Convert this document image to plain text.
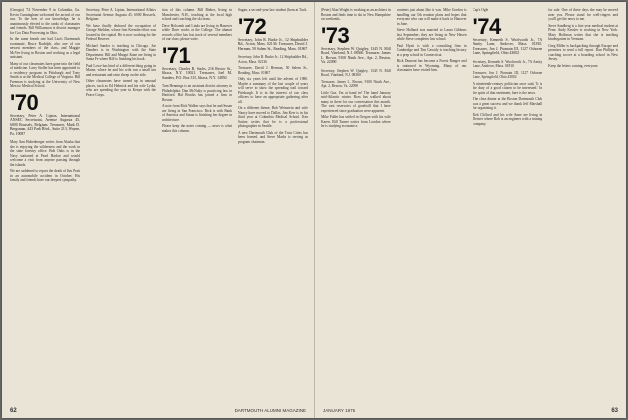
(Georgia) '74 November 9 in Columbia, Ga. Kevin Cunningham welcomed the arrival of our son. To the best of our knowledge, he is unanimously elected to the ranks of classmates and friends. Bill Williamson is district manager for Cox Data Processing in Ohio.

In the same breath one had Lisa's Dartmouth roommate, Bruce Rudolph, also one of our newest members of the class, and Maggie McVee living in Boston and working as a legal assistant.

Many of our classmates have gone into the field of medicine. Larry Stoller has been appointed to a residency program in Pittsburgh and Tony Smith is at the Medical College of Virginia. Bill Freeman is studying at the University of New Mexico Medical School.

'70
Secretary, Peter A. Lipton, International ANSEC Secretariat, Avenue Augusta 45, 6000 Brussels, Belgium. Treasurer, Mark D. Bergsman, 443 Park Blvd., Suite 213, Wayne, Pa. 19087

Mary Ann Hohenberger writes from Alaska that she is enjoying the wilderness and the work in the state forestry office. Bob Oaks is in the Navy stationed at Pearl Harbor and would welcome a visit from anyone passing through the islands.

We are saddened to report the death of Jim Pratt in an automobile accident in October. His family and friends have our deepest sympathy.

Secretary, Peter A. Lipton, International Affairs Secretariat Avenue Augusta 45, 6000 Brussels, Belgium

We have finally deduced the occupation of George Sheldon, whose first Kremlin effort was located in the capital. He is now working for the Federal Reserve.

Michael Sandor is teaching in Chicago. Joe Danders is in Washington with the State Department. Bill and Margot Kane are living in Santa Fe where Bill is finishing his book.

Paul Lowe has kind of a different thing going in Maine, where he and his wife run a small inn and restaurant and raise sheep on the side.

Other classmates have turned up in unusual places, such as Ed Helmick and his wife Lydia, who are spending the year in Kenya with the Peace Corps.

tion of this column. Bill Bieber, living in Manchester, N.H., teaching at the local high school and coaching the ski team.

Dave Holcomb and Linda are living in Hanover while Dave works at the College. The alumni records office has lost track of several members of our class; please write.

'71
Secretary, Charles R. Sachs, 216 Rector St., Ithaca, N.Y. 10021. Treasurer, Joel M. Sanders, P.O. Box 315, Ithaca, N.Y. 14850

Tom Hennings is an assistant district attorney in Philadelphia. Dan McNulty is practicing law in Hartford. Hal Brooks has joined a firm in Boston.

A note from Rick Walker says that he and Susan are living in San Francisco. Rick is with Bank of America and Susan is finishing her degree in architecture.

Please keep the notes coming — news is what makes this column.

Sugan, a second-year law student (born at Tuck.

'72
Secretary, John R. Burke Jr., 12 Shipbuilder Rd., Acton, Mass. 02136. Treasurer, David J. Herman, 50 Salem St., Reading, Mass. 01867

Secretary, John R. Burke Jr., 12 Shipbuilder Rd., Acton, Mass. 02136

Treasurer, David J. Herman, 50 Salem St., Reading, Mass. 01867

Only six years left until the advent of 1980. Maybe a summary of the last couple of years will serve to show the spreading trail toward Pittsburgh. It is in the interest of our class officers to have an appropriate gathering after all.

On a different theme, Bob Weinstein and wife Nancy have moved to Dallas. Jim Kerr is in his third year at Columbia Medical School. Ken Sutton writes that he is a professional photographer in Seattle.

A new Dartmouth Club of the Twin Cities has been formed, and Steve Marks is serving as program chairman.

62	DARTMOUTH ALUMNI MAGAZINE

(Peter) Alan Wright is working as an architect in Boston and finds time to ski in New Hampshire on weekends.

'73
Secretary, Stephen W. Quigley, 1345 N. Mill Road, Vineland, N.J. 08360. Treasurer, James L. Brown, 9100 Ninth Ave., Apt. 2, Reston, Va. 22090

Secretary, Stephen W. Quigley, 1345 N. Mill Road, Vineland, N.J. 08360

Treasurer, James L. Brown, 9100 Ninth Ave., Apt. 2, Reston, Va. 22090

Little Gus. I'm at hand in! The hand January mid-Atlantic winter. Ross has walked about many in there for our conversation this month. The vast reservoirs of goodwill that I have experienced since graduation were apparent.

Mike Fuller has settled in Oregon with his wife Karen. Bill Turner writes from London where he is studying economics.

contents just about like it was. Mike Gordon is handling our 5th reunion plans and hopes that everyone who can will make it back to Hanover in June.

Steve Holland was married to Laura Gibbons last September; they are living in New Haven while Steve completes law school.

Paul Hyatt is with a consulting firm in Cambridge and Tim Cassidy is teaching history at a prep school in Connecticut.

Rick Dumont has become a Forest Ranger and is stationed in Wyoming. Many of our classmates have visited him.

Cap's Ogle

'74
Secretary, Kenneth S. Woolworth Jr., 7A Amity Lane, Andover, Mass. 01810. Treasurer, Jon J. Ptomain III, 1127 Osborne Lane, Springfield, Ohio 43002

Secretary, Kenneth S. Woolworth Jr., 7A Amity Lane, Andover, Mass. 01810

Treasurer, Jon J. Ptomain III, 1127 Osborne Lane, Springfield, Ohio 43002

A nineteenth-century politician once said, 'It is the duty of a good citizen to be interested.' In the spirit of that sentiment, here is the news.

The class dinner at the Boston Dartmouth Club was a great success and we thank Jeff Marshall for organizing it.

Rob Clifford and his wife Anne are living in Denver where Rob is an engineer with a mining company.

for sale. One of these days she may be moved near you. Please stand for well-ringers and you'll get the news to me.

Steve Sandberg is a first-year medical student at Penn. Andy Kessler is working in New York. Mary Hoffman writes that she is teaching kindergarten in Vermont.

Greg Miller is backpacking through Europe and promises to send a full report. Dan Phillips is coaching soccer at a boarding school in New Jersey.

Keep the letters coming, everyone.

JANUARY 1975	63
